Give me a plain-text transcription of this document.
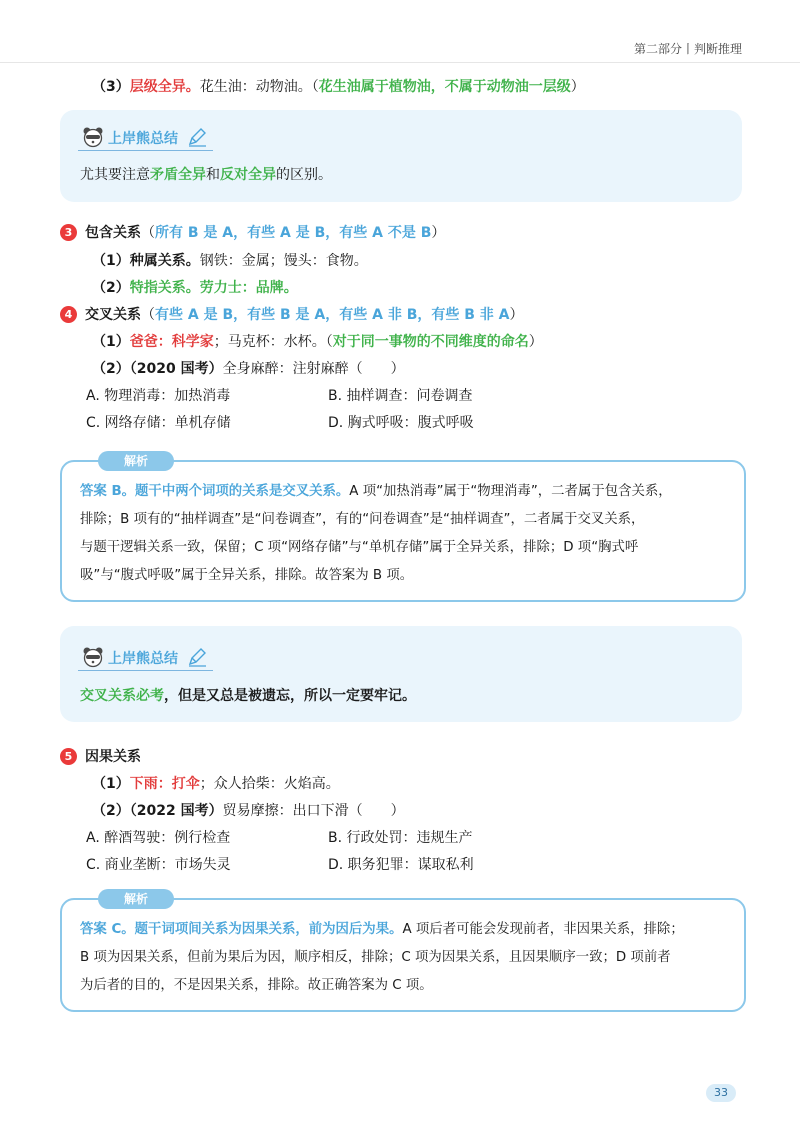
第二部分丨判断推理
（3）层级全异。花生油：动物油。（花生油属于植物油，不属于动物油一层级）
上岸熊总结
尤其要注意矛盾全异和反对全异的区别。
3 包含关系（所有 B 是 A，有些 A 是 B，有些 A 不是 B）
（1）种属关系。钢铁：金属；馒头：食物。
（2）特指关系。劳力士：品牌。
4 交叉关系（有些 A 是 B，有些 B 是 A，有些 A 非 B，有些 B 非 A）
（1）爸爸：科学家；马克杯：水杯。（对于同一事物的不同维度的命名）
（2）（2020 国考）全身麻醉：注射麻醉（　　）
A. 物理消毒：加热消毒	B. 抽样调查：问卷调查
C. 网络存储：单机存储	D. 胸式呼吸：腹式呼吸
解析
答案 B。题干中两个词项的关系是交叉关系。A 项“加热消毒”属于“物理消毒”，二者属于包含关系，
排除；B 项有的“抽样调查”是“问卷调查”，有的“问卷调查”是“抽样调查”，二者属于交叉关系，
与题干逻辑关系一致，保留；C 项“网络存储”与“单机存储”属于全异关系，排除；D 项“胸式呼
吸”与“腹式呼吸”属于全异关系，排除。故答案为 B 项。
上岸熊总结
交叉关系必考，但是又总是被遗忘，所以一定要牢记。
5 因果关系
（1）下雨：打伞；众人拾柴：火焰高。
（2）（2022 国考）贸易摩擦：出口下滑（　　）
A. 醉酒驾驶：例行检查	B. 行政处罚：违规生产
C. 商业垄断：市场失灵	D. 职务犯罪：谋取私利
解析
答案 C。题干词项间关系为因果关系，前为因后为果。A 项后者可能会发现前者，非因果关系，排除；
B 项为因果关系，但前为果后为因，顺序相反，排除；C 项为因果关系，且因果顺序一致；D 项前者
为后者的目的，不是因果关系，排除。故正确答案为 C 项。
33
